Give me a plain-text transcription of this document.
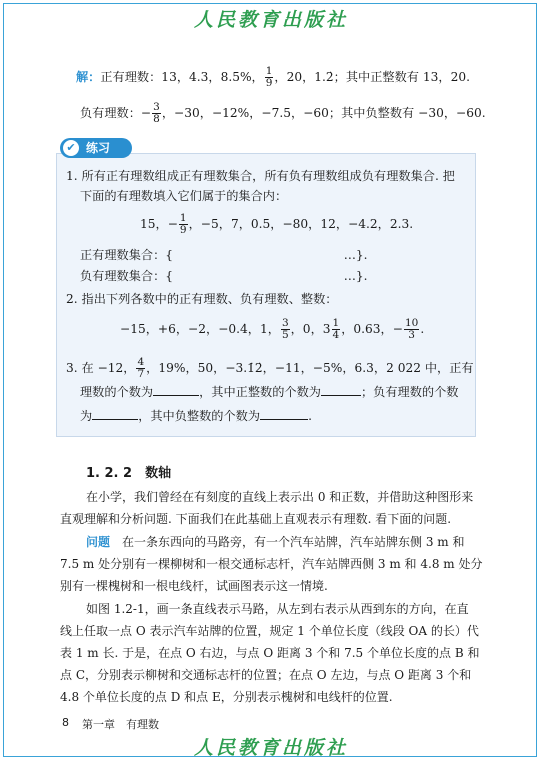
人民教育出版社
解：正有理数：13，4.3，8.5%， $\frac{1}{9}$ ，20，1.2̇；其中正整数有 13，20.
负有理数：− $\frac{3}{8}$ ，−30，−12%，−7.5，−60；其中负整数有 −30，−60.
✔ 练习
1. 所有正有理数组成正有理数集合，所有负有理数组成负有理数集合. 把
下面的有理数填入它们属于的集合内：
15，− $\frac{1}{9}$ ，−5，7，0.5，−80，12，−4.2，2.3.
正有理数集合：{　　　　　　　　　　　　　　…}.
负有理数集合：{　　　　　　　　　　　　　　…}.
2. 指出下列各数中的正有理数、负有理数、整数：
−15，+6，−2，−0.4̇，1， $\frac{3}{5}$ ，0，$3 \frac{1}{4}$ ，0.63，− $\frac{10}{3}$ .
3. 在 −12， $\frac{4}{7}$ ，19%，50，−3.1̇2̇，−11，−5%，6.3，2 022 中，正有
理数的个数为	，其中正整数的个数为	；负有理数的个数
为	，其中负整数的个数为	.
1. 2. 2　数轴
在小学，我们曾经在有刻度的直线上表示出 0 和正数，并借助这种图形来
直观理解和分析问题. 下面我们在此基础上直观表示有理数. 看下面的问题.
问题　在一条东西向的马路旁，有一个汽车站牌，汽车站牌东侧 3 m 和
7.5 m 处分别有一棵柳树和一根交通标志杆，汽车站牌西侧 3 m 和 4.8 m 处分
别有一棵槐树和一根电线杆，试画图表示这一情境.
如图 1.2-1，画一条直线表示马路，从左到右表示从西到东的方向，在直
线上任取一点 O 表示汽车站牌的位置，规定 1 个单位长度（线段 OA 的长）代
表 1 m 长. 于是，在点 O 右边，与点 O 距离 3 个和 7.5 个单位长度的点 B 和
点 C，分别表示柳树和交通标志杆的位置；在点 O 左边，与点 O 距离 3 个和
4.8 个单位长度的点 D 和点 E，分别表示槐树和电线杆的位置.
8 第一章　有理数
人民教育出版社
